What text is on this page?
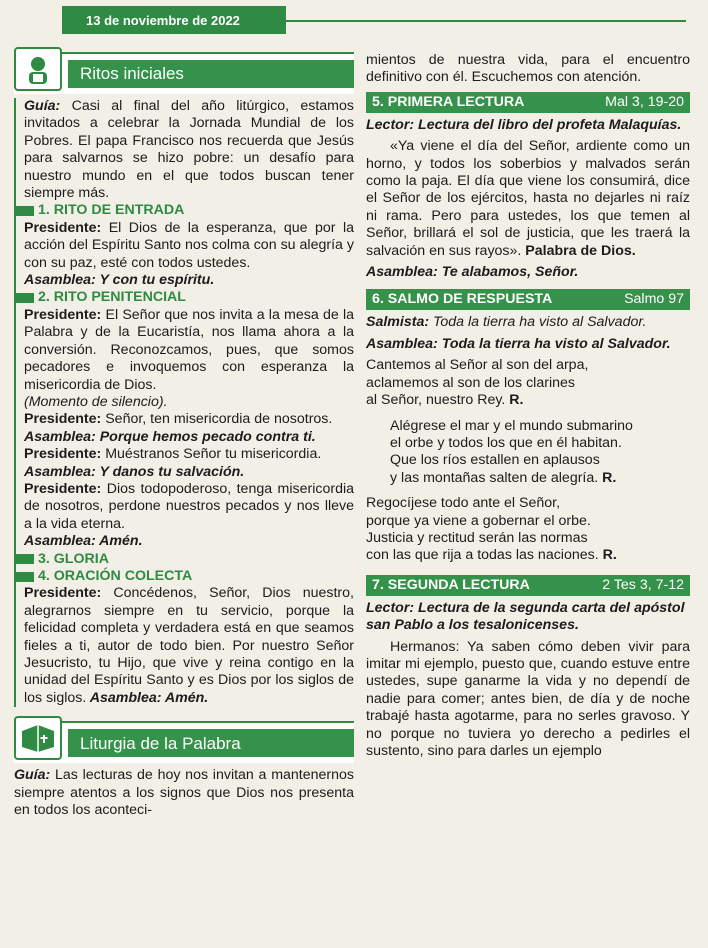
13 de noviembre de 2022
Ritos iniciales

Guía: Casi al final del año litúrgico, estamos invitados a celebrar la Jornada Mundial de los Pobres. El papa Francisco nos recuerda que Jesús para salvarnos se hizo pobre: un desafío para nuestro mundo en el que todos buscan tener siempre más.

1. RITO DE ENTRADA

Presidente: El Dios de la esperanza, que por la acción del Espíritu Santo nos colma con su alegría y con su paz, esté con todos ustedes.

Asamblea: Y con tu espíritu.

2. RITO PENITENCIAL

Presidente: El Señor que nos invita a la mesa de la Palabra y de la Eucaristía, nos llama ahora a la conversión. Reconozcamos, pues, que somos pecadores e invoquemos con esperanza la misericordia de Dios.

(Momento de silencio).

Presidente: Señor, ten misericordia de nosotros.

Asamblea: Porque hemos pecado contra ti.

Presidente: Muéstranos Señor tu misericordia.

Asamblea: Y danos tu salvación.

Presidente: Dios todopoderoso, tenga misericordia de nosotros, perdone nuestros pecados y nos lleve a la vida eterna.

Asamblea: Amén.

3. GLORIA
4. ORACIÓN COLECTA

Presidente: Concédenos, Señor, Dios nuestro, alegrarnos siempre en tu servicio, porque la felicidad completa y verdadera está en que seamos fieles a ti, autor de todo bien. Por nuestro Señor Jesucristo, tu Hijo, que vive y reina contigo en la unidad del Espíritu Santo y es Dios por los siglos de los siglos. Asamblea: Amén.

Liturgia de la Palabra

Guía: Las lecturas de hoy nos invitan a mantenernos siempre atentos a los signos que Dios nos presenta en todos los aconteci-

mientos de nuestra vida, para el encuentro definitivo con él. Escuchemos con atención.

5. PRIMERA LECTURA	Mal 3, 19-20

Lector: Lectura del libro del profeta Malaquías.

«Ya viene el día del Señor, ardiente como un horno, y todos los soberbios y malvados serán como la paja. El día que viene los consumirá, dice el Señor de los ejércitos, hasta no dejarles ni raíz ni rama. Pero para ustedes, los que temen al Señor, brillará el sol de justicia, que les traerá la salvación en sus rayos». Palabra de Dios.

Asamblea: Te alabamos, Señor.

6. SALMO DE RESPUESTA	Salmo 97

Salmista: Toda la tierra ha visto al Salvador.

Asamblea: Toda la tierra ha visto al Salvador.

Cantemos al Señor al son del arpa,

aclamemos al son de los clarines

al Señor, nuestro Rey. R.

Alégrese el mar y el mundo submarino

el orbe y todos los que en él habitan.

Que los ríos estallen en aplausos

y las montañas salten de alegría. R.

Regocíjese todo ante el Señor,

porque ya viene a gobernar el orbe.

Justicia y rectitud serán las normas

con las que rija a todas las naciones. R.

7. SEGUNDA LECTURA	2 Tes 3, 7-12

Lector: Lectura de la segunda carta del apóstol san Pablo a los tesalonicenses.

Hermanos: Ya saben cómo deben vivir para imitar mi ejemplo, puesto que, cuando estuve entre ustedes, supe ganarme la vida y no dependí de nadie para comer; antes bien, de día y de noche trabajé hasta agotarme, para no serles gravoso. Y no porque no tuviera yo derecho a pedirles el sustento, sino para darles un ejemplo
